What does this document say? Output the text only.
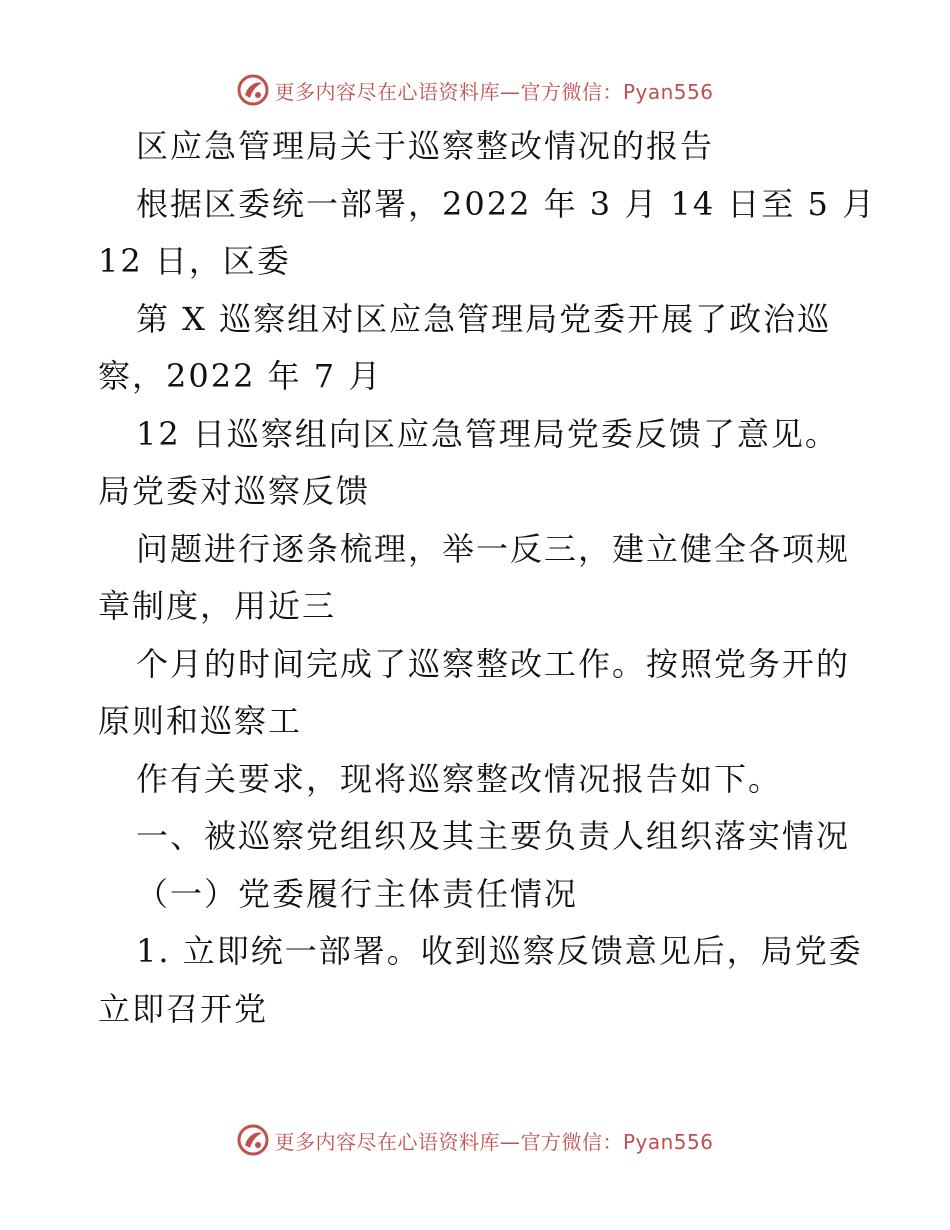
更多内容尽在心语资料库—官方微信：Pyan556
区应急管理局关于巡察整改情况的报告
根据区委统一部署，2022 年 3 月 14 日至 5 月
12 日，区委
第 X 巡察组对区应急管理局党委开展了政治巡
察，2022 年 7 月
12 日巡察组向区应急管理局党委反馈了意见。
局党委对巡察反馈
问题进行逐条梳理，举一反三，建立健全各项规
章制度，用近三
个月的时间完成了巡察整改工作。按照党务开的
原则和巡察工
作有关要求，现将巡察整改情况报告如下。
一、被巡察党组织及其主要负责人组织落实情况
（一）党委履行主体责任情况
1. 立即统一部署。收到巡察反馈意见后，局党委
立即召开党
更多内容尽在心语资料库—官方微信：Pyan556
